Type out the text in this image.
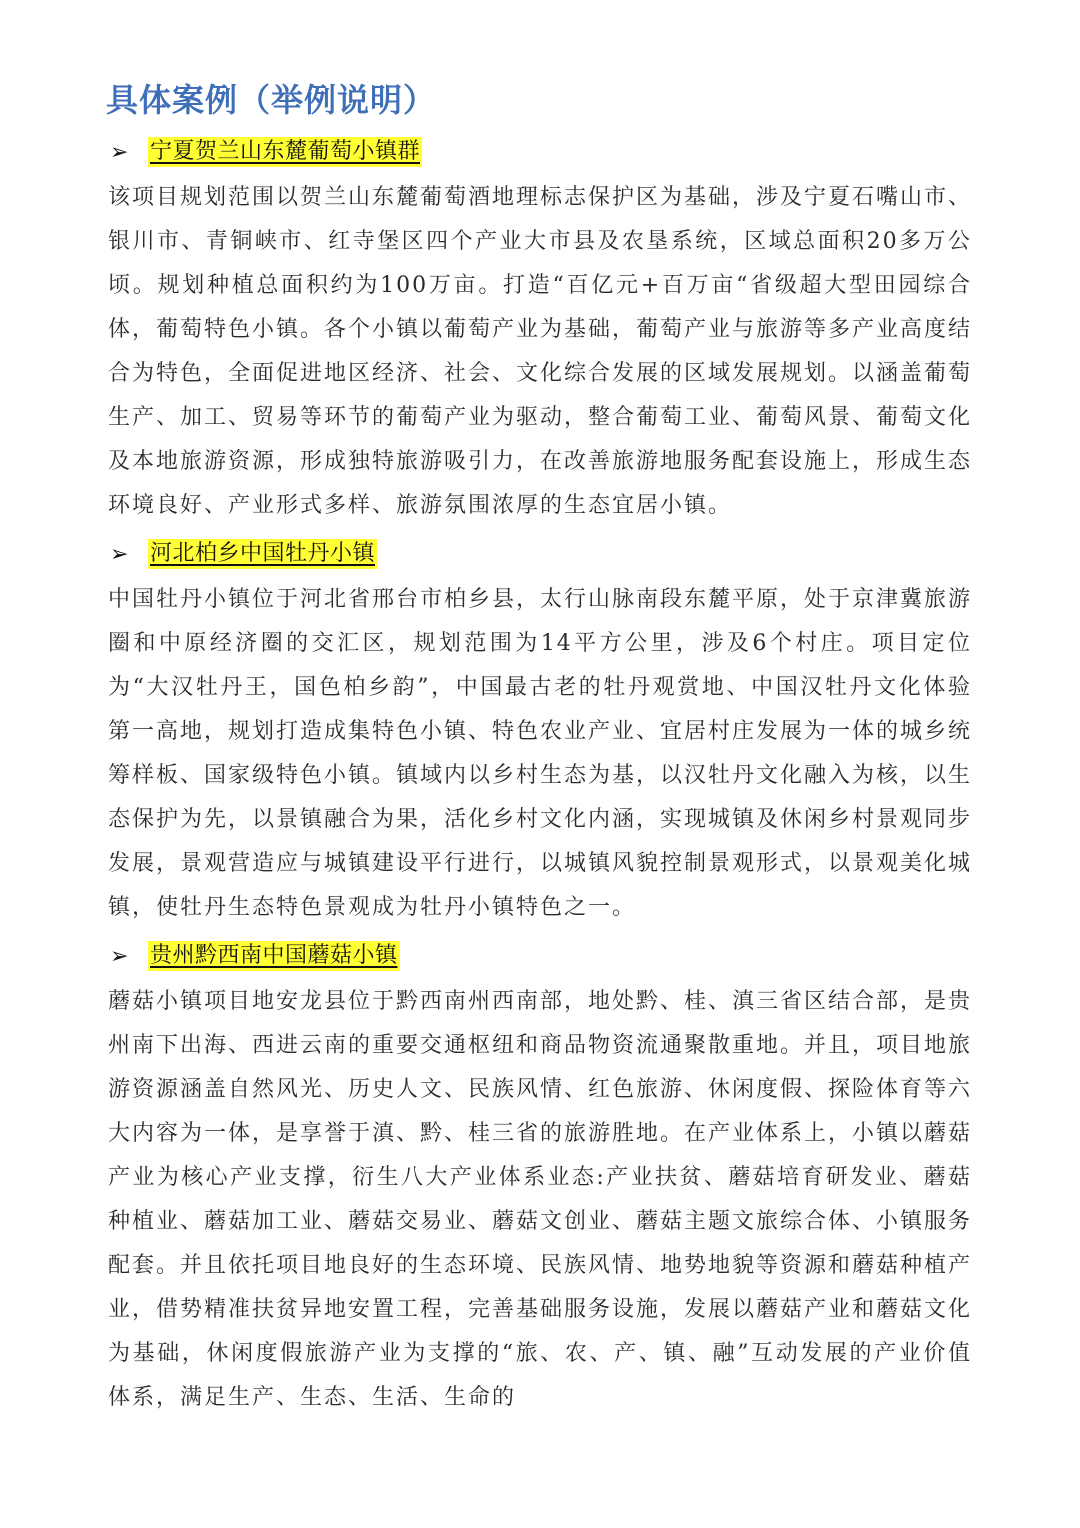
具体案例（举例说明）
➢ 宁夏贺兰山东麓葡萄小镇群
该项目规划范围以贺兰山东麓葡萄酒地理标志保护区为基础，涉及宁夏石嘴山市、银川市、青铜峡市、红寺堡区四个产业大市县及农垦系统，区域总面积20多万公顷。规划种植总面积约为100万亩。打造“百亿元+百万亩“省级超大型田园综合体，葡萄特色小镇。各个小镇以葡萄产业为基础，葡萄产业与旅游等多产业高度结合为特色，全面促进地区经济、社会、文化综合发展的区域发展规划。以涵盖葡萄生产、加工、贸易等环节的葡萄产业为驱动，整合葡萄工业、葡萄风景、葡萄文化及本地旅游资源，形成独特旅游吸引力，在改善旅游地服务配套设施上，形成生态环境良好、产业形式多样、旅游氛围浓厚的生态宜居小镇。
➢ 河北柏乡中国牡丹小镇
中国牡丹小镇位于河北省邢台市柏乡县，太行山脉南段东麓平原，处于京津冀旅游圈和中原经济圈的交汇区，规划范围为14平方公里，涉及6个村庄。项目定位为“大汉牡丹王，国色柏乡韵”，中国最古老的牡丹观赏地、中国汉牡丹文化体验第一高地，规划打造成集特色小镇、特色农业产业、宜居村庄发展为一体的城乡统筹样板、国家级特色小镇。镇域内以乡村生态为基，以汉牡丹文化融入为核，以生态保护为先，以景镇融合为果，活化乡村文化内涵，实现城镇及休闲乡村景观同步发展，景观营造应与城镇建设平行进行，以城镇风貌控制景观形式，以景观美化城镇，使牡丹生态特色景观成为牡丹小镇特色之一。
➢ 贵州黔西南中国蘑菇小镇
蘑菇小镇项目地安龙县位于黔西南州西南部，地处黔、桂、滇三省区结合部，是贵州南下出海、西进云南的重要交通枢纽和商品物资流通聚散重地。并且，项目地旅游资源涵盖自然风光、历史人文、民族风情、红色旅游、休闲度假、探险体育等六大内容为一体，是享誉于滇、黔、桂三省的旅游胜地。在产业体系上，小镇以蘑菇产业为核心产业支撑，衍生八大产业体系业态:产业扶贫、蘑菇培育研发业、蘑菇种植业、蘑菇加工业、蘑菇交易业、蘑菇文创业、蘑菇主题文旅综合体、小镇服务配套。并且依托项目地良好的生态环境、民族风情、地势地貌等资源和蘑菇种植产业，借势精准扶贫异地安置工程，完善基础服务设施，发展以蘑菇产业和蘑菇文化为基础，休闲度假旅游产业为支撑的“旅、农、产、镇、融”互动发展的产业价值体系，满足生产、生态、生活、生命的
